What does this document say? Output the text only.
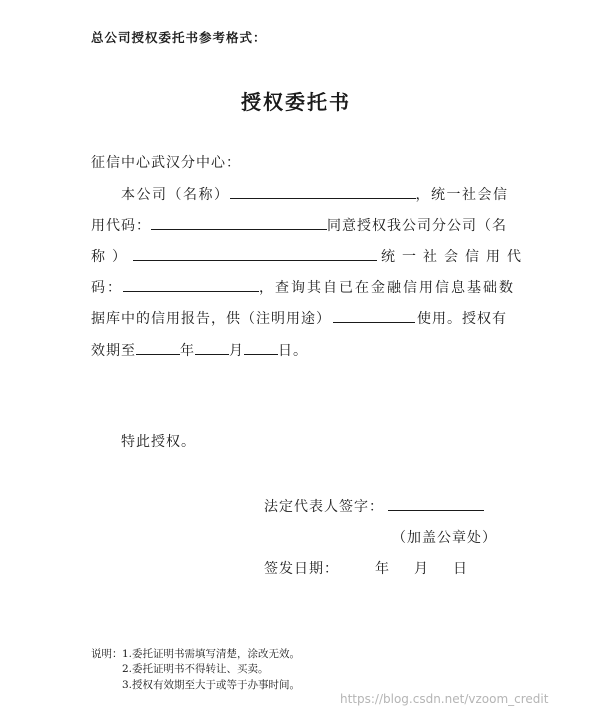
总公司授权委托书参考格式：
授权委托书
征信中心武汉分中心：
本公司（名称）	，统一社会信
用代码：	同意授权我公司分公司（名
称）	统一社会信用代
码：	，查询其自已在金融信用信息基础数
据库中的信用报告，供（注明用途）	使用。授权有
效期至	年 月 日。
特此授权。
法定代表人签字：
（加盖公章处）
签发日期：	年 月 日
说明： 1.委托证明书需填写清楚，涂改无效。
2.委托证明书不得转让、买卖。
3.授权有效期至大于或等于办事时间。
https://blog.csdn.net/vzoom_credit
